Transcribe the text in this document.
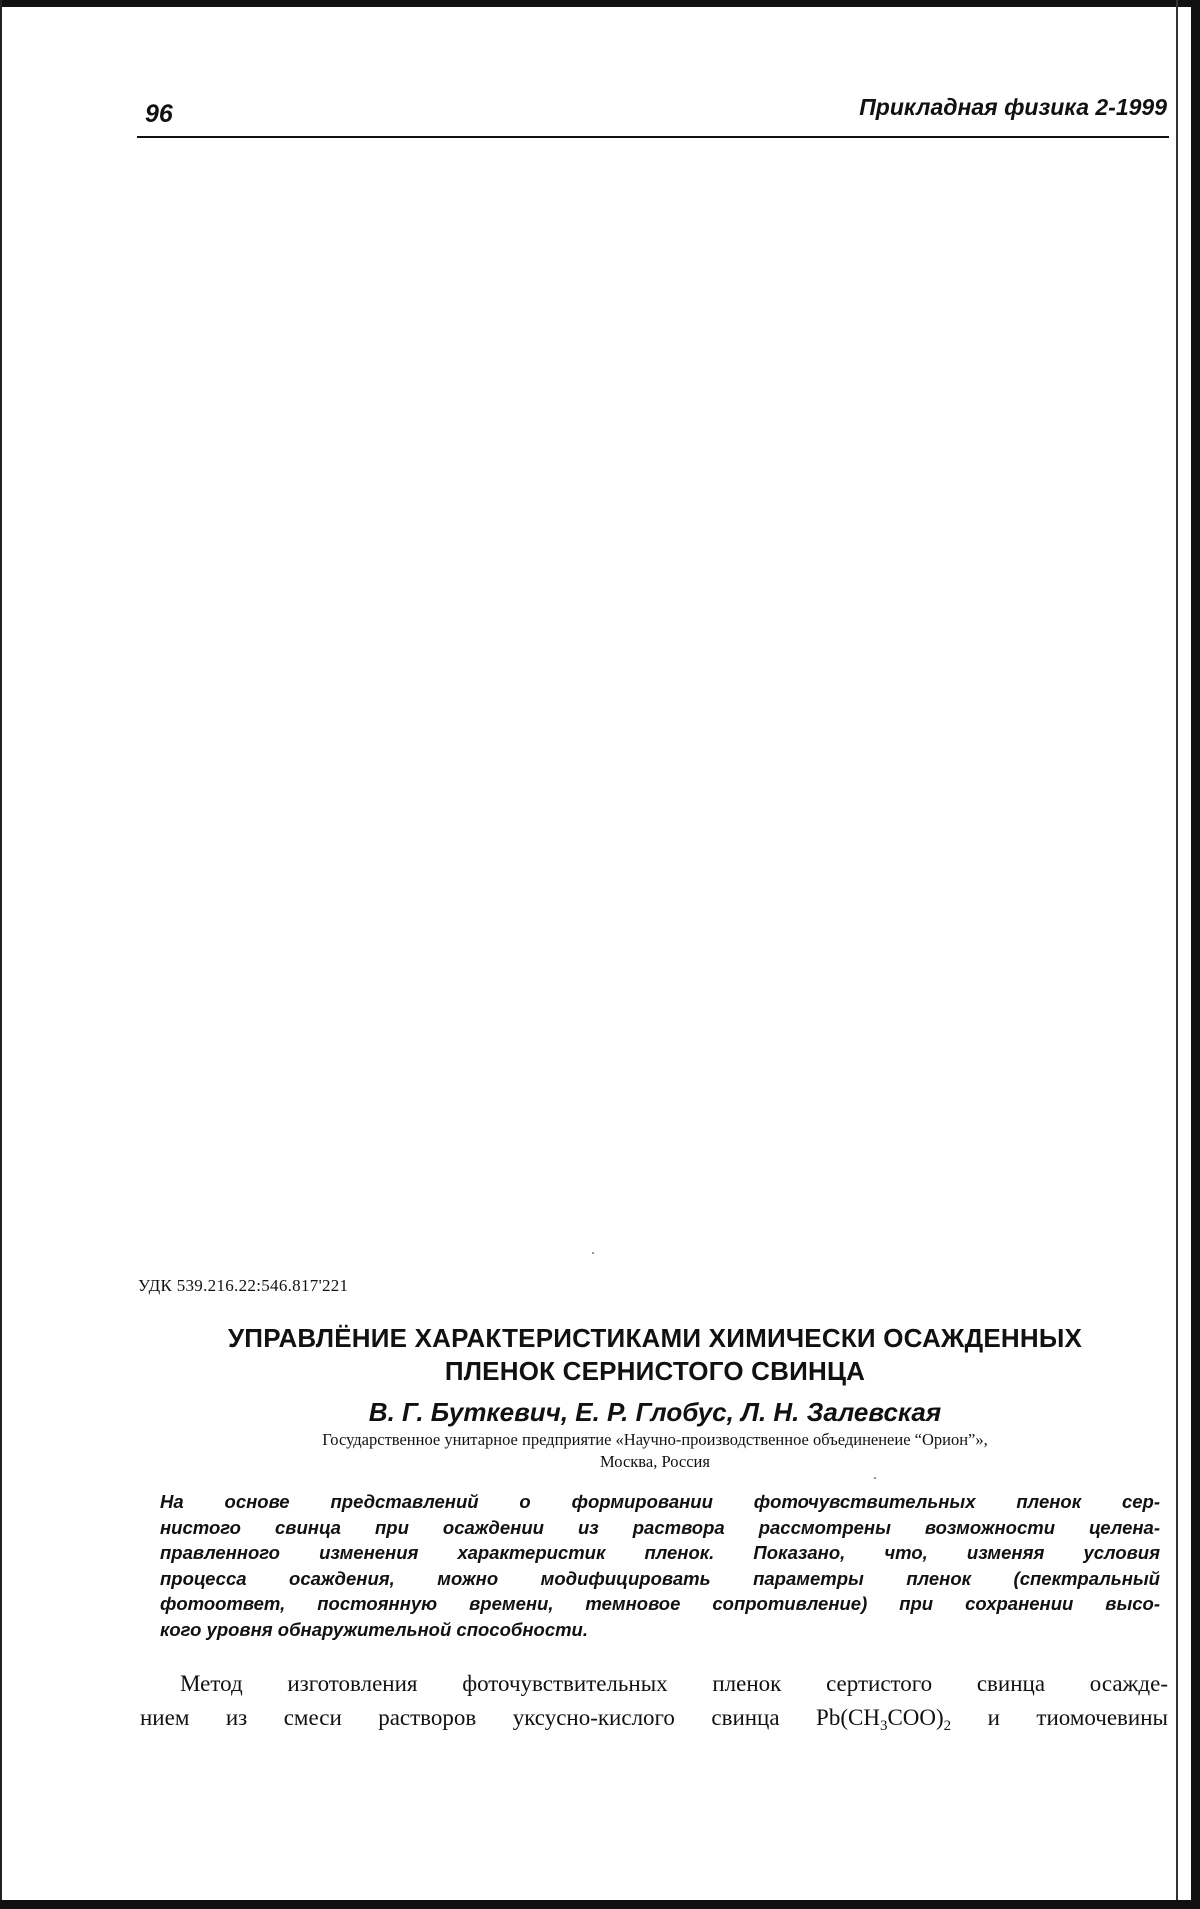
96	Прикладная физика 2-1999
УДК 539.216.22:546.817'221
УПРАВЛЁНИЕ ХАРАКТЕРИСТИКАМИ ХИМИЧЕСКИ ОСАЖДЕННЫХ
ПЛЕНОК СЕРНИСТОГО СВИНЦА
В. Г. Буткевич, Е. Р. Глобус, Л. Н. Залевская
Государственное унитарное предприятие «Научно-производственное объединенеие “Орион”»,
Москва, Россия
На основе представлений о формировании фоточувствительных пленок сер-
нистого свинца при осаждении из раствора рассмотрены возможности целена-
правленного изменения характеристик пленок. Показано, что, изменяя условия
процесса осаждения, можно модифицировать параметры пленок (спектральный
фотоответ, постоянную времени, темновое сопротивление) при сохранении высо-
кого уровня обнаружительной способности.
Метод изготовления фоточувствительных пленок сертистого свинца осажде-
нием из смеси растворов уксусно-кислого свинца $Pb(CH_3COO)_2$ и тиомочевины
